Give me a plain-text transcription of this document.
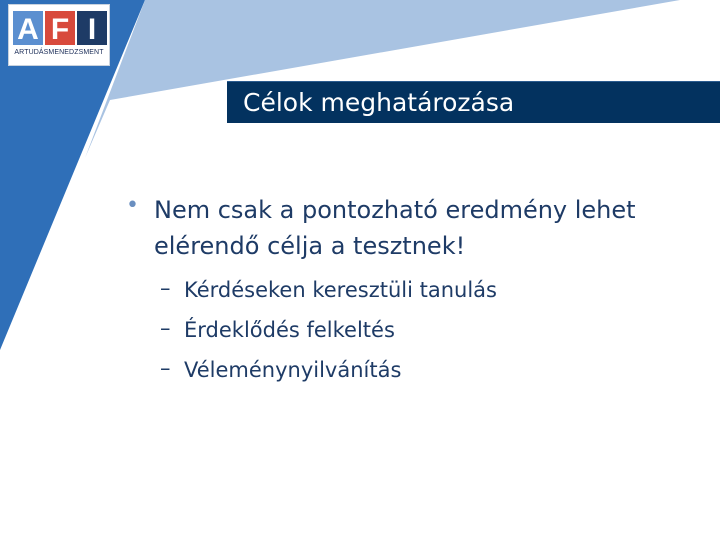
A F I
ARTUDÁSMENEDZSMENT
Célok meghatározása
• Nem csak a pontozható eredmény lehet elérendő célja a tesztnek!
– Kérdéseken keresztüli tanulás
– Érdeklődés felkeltés
– Véleménynyilvánítás
